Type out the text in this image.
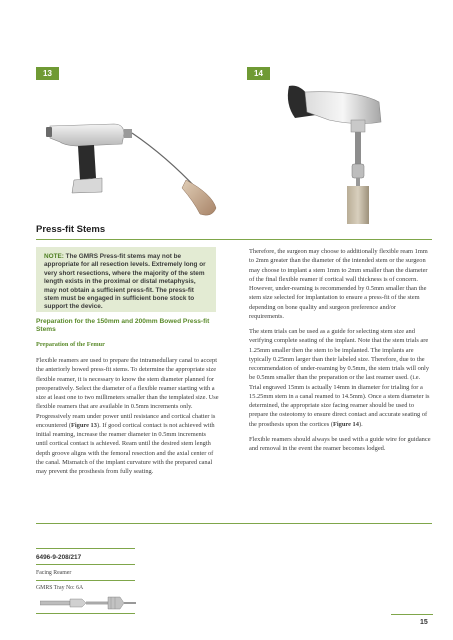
13	14
Press-fit Stems
NOTE: The GMRS Press-fit stems may not be appropriate for all resection levels. Extremely long or very short resections, where the majority of the stem length exists in the proximal or distal metaphysis, may not obtain a sufficient press-fit. The press-fit stem must be engaged in sufficient bone stock to support the device.
Preparation for the 150mm and 200mm Bowed Press-fit Stems
Preparation of the Femur

Flexible reamers are used to prepare the intramedullary canal to accept the anteriorly bowed press-fit stems. To determine the appropriate size flexible reamer, it is necessary to know the stem diameter planned for preoperatively. Select the diameter of a flexible reamer starting with a size at least one to two millimeters smaller than the templated size. Use flexible reamers that are available in 0.5mm increments only. Progressively ream under power until resistance and cortical chatter is encountered (Figure 13). If good cortical contact is not achieved with initial reaming, increase the reamer diameter in 0.5mm increments until cortical contact is achieved. Ream until the desired stem length depth groove aligns with the femoral resection and the axial center of the canal. Mismatch of the implant curvature with the prepared canal may prevent the prosthesis from fully seating.

Therefore, the surgeon may choose to additionally flexible ream 1mm to 2mm greater than the diameter of the intended stem or the surgeon may choose to implant a stem 1mm to 2mm smaller than the diameter of the final flexible reamer if cortical wall thickness is of concern. However, under-reaming is recommended by 0.5mm smaller than the stem size selected for implantation to ensure a press-fit of the stem depending on bone quality and surgeon preference and/or requirements.

The stem trials can be used as a guide for selecting stem size and verifying complete seating of the implant. Note that the stem trials are 1.25mm smaller then the stem to be implanted. The implants are typically 0.25mm larger than their labeled size. Therefore, due to the recommendation of under-reaming by 0.5mm, the stem trials will only be 0.5mm smaller than the preparation or the last reamer used. (i.e. Trial engraved 15mm is actually 14mm in diameter for trialing for a 15.25mm stem in a canal reamed to 14.5mm). Once a stem diameter is determined, the appropriate size facing reamer should be used to prepare the osteotomy to ensure direct contact and accurate seating of the prosthesis upon the cortices (Figure 14).

Flexible reamers should always be used with a guide wire for guidance and removal in the event the reamer becomes lodged.

6496-9-208/217

Facing Reamer

GMRS Tray No: 6A

15
